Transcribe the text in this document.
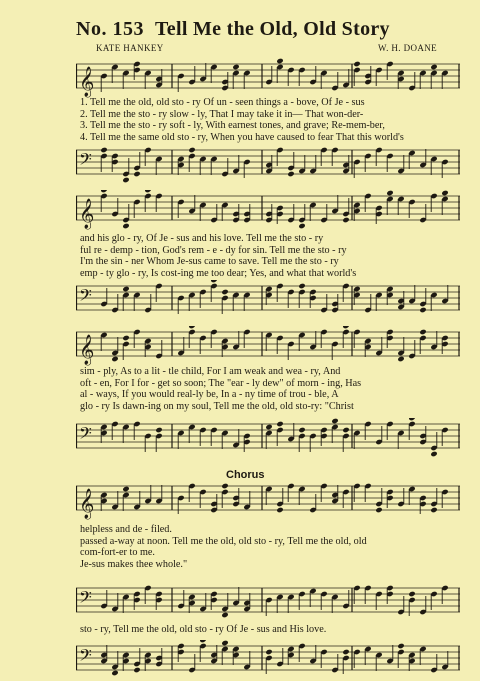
No. 153 Tell Me the Old, Old Story
KATE HANKEY	W. H. DOANE
𝄞
1. Tell me the old, old sto - ry Of un - seen things a - bove, Of Je - sus
2. Tell me the sto - ry slow - ly, That I may take it in— That won-der-
3. Tell me the sto - ry soft - ly, With earnest tones, and grave; Re-mem-ber,
4. Tell me the same old sto - ry, When you have caused to fear That this world's
𝄢
𝄞
and his glo - ry, Of Je - sus and his love. Tell me the sto - ry
ful re - demp - tion, God's rem - e - dy for sin. Tell me the sto - ry
I'm the sin - ner Whom Je-sus came to save. Tell me the sto - ry
emp - ty glo - ry, Is cost-ing me too dear; Yes, and what that world's
𝄢
𝄞
sim - ply, As to a lit - tle child, For I am weak and wea - ry, And
oft - en, For I for - get so soon; The "ear - ly dew" of morn - ing, Has
al - ways, If you would real-ly be, In a - ny time of trou - ble, A
glo - ry Is dawn-ing on my soul, Tell me the old, old sto-ry: "Christ
𝄢
Chorus
𝄞
helpless and de - filed.
passed a-way at noon. Tell me the old, old sto - ry, Tell me the old, old
com-fort-er to me.
Je-sus makes thee whole."
𝄢
sto - ry, Tell me the old, old sto - ry Of Je - sus and His love.
𝄢
